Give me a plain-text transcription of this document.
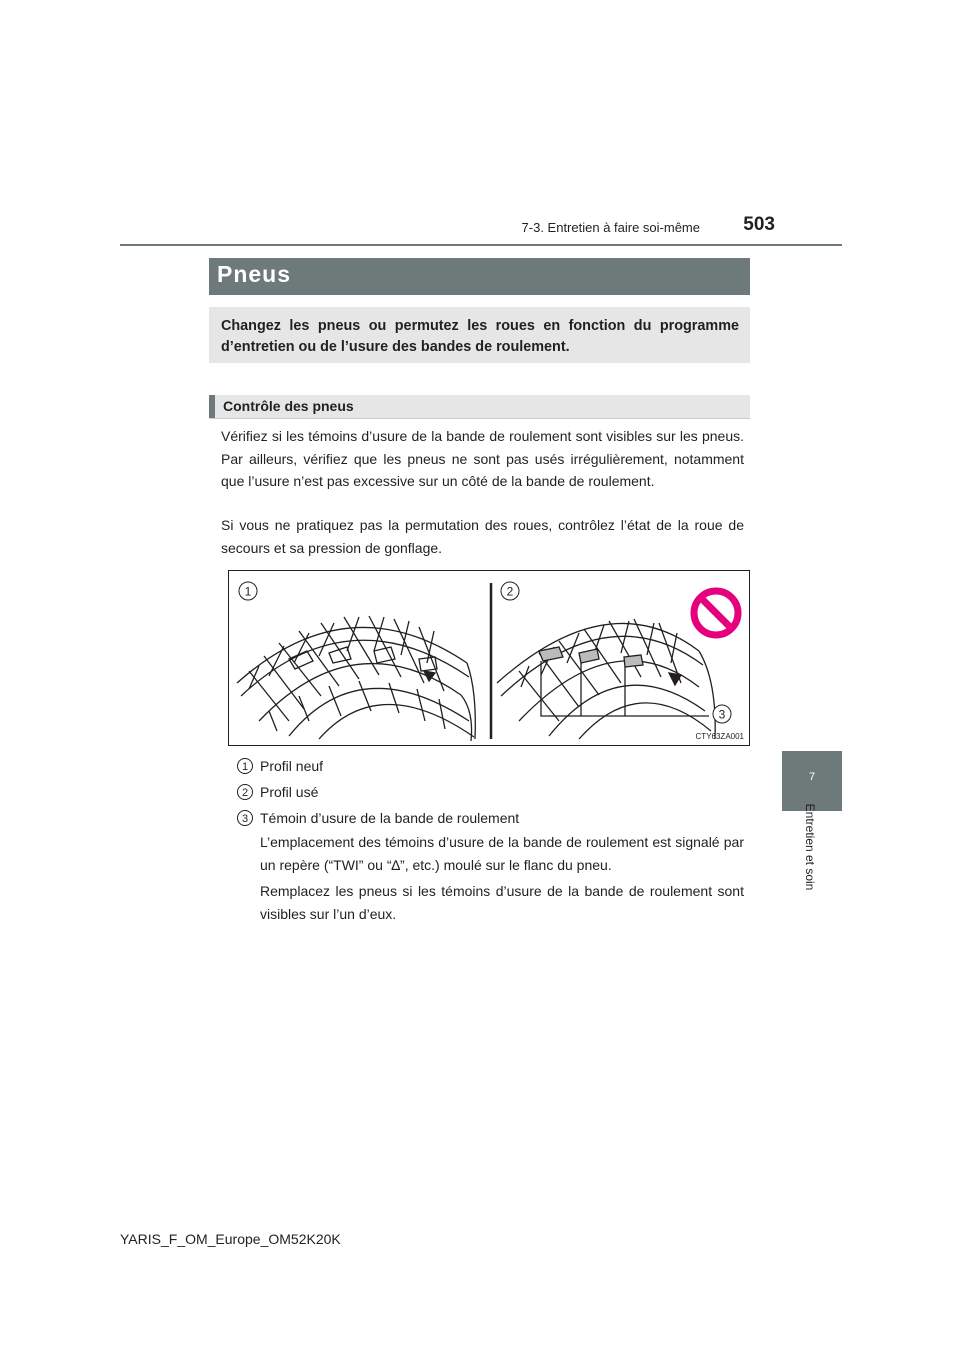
7-3. Entretien à faire soi-même	503
Pneus
Changez les pneus ou permutez les roues en fonction du programme d’entretien ou de l’usure des bandes de roulement.
Contrôle des pneus
Vérifiez si les témoins d’usure de la bande de roulement sont visibles sur les pneus. Par ailleurs, vérifiez que les pneus ne sont pas usés irrégulièrement, notamment que l’usure n’est pas excessive sur un côté de la bande de roulement.
Si vous ne pratiquez pas la permutation des roues, contrôlez l’état de la roue de secours et sa pression de gonflage.
1	2
3
CTY63ZA001
1 Profil neuf
2 Profil usé
3 Témoin d’usure de la bande de roulement
L’emplacement des témoins d’usure de la bande de roulement est signalé par un repère (“TWI” ou “∆”, etc.) moulé sur le flanc du pneu.
Remplacez les pneus si les témoins d’usure de la bande de roulement sont visibles sur l’un d’eux.
7
Entretien et soin
YARIS_F_OM_Europe_OM52K20K
